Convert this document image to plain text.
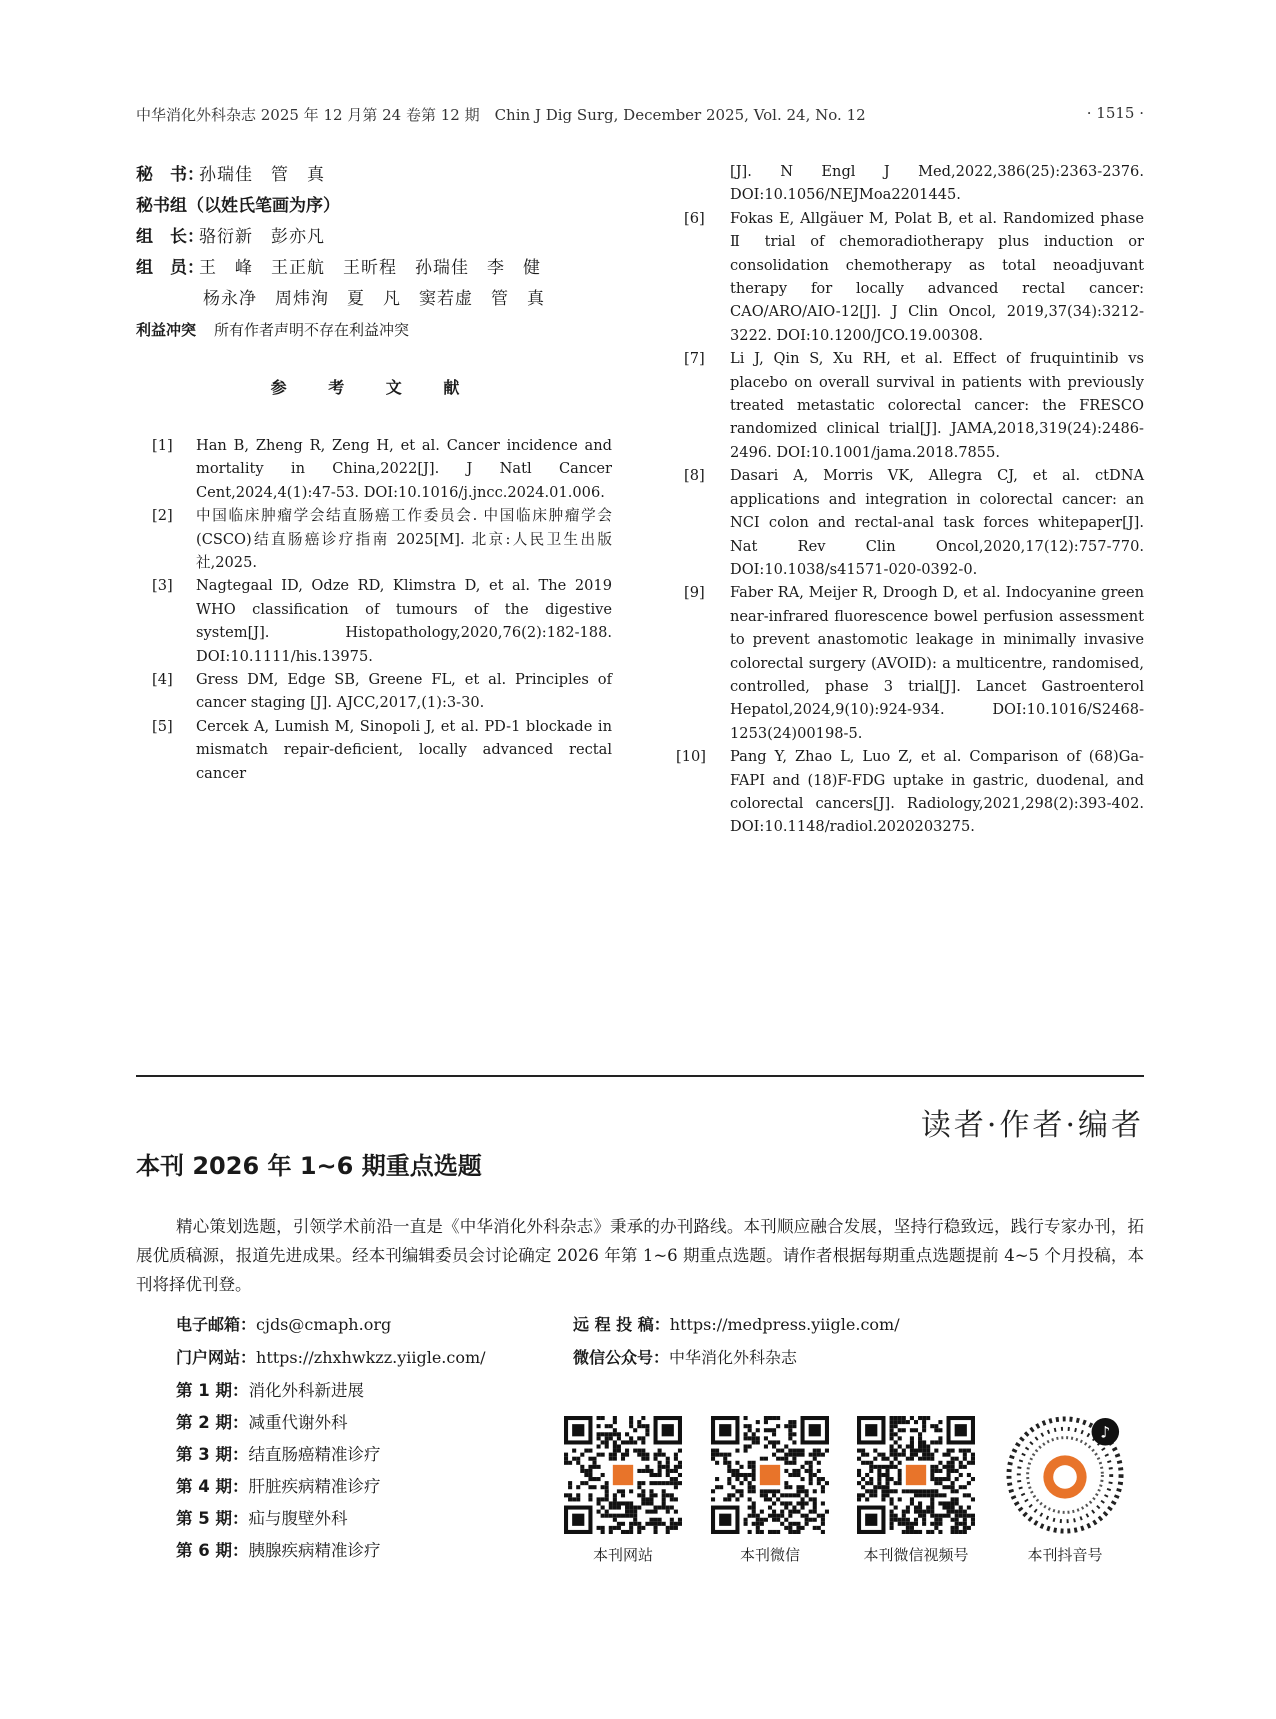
中华消化外科杂志 2025 年 12 月第 24 卷第 12 期　Chin J Dig Surg, December 2025, Vol. 24, No. 12	· 1515 ·
秘　书：孙瑞佳　管　真
秘书组（以姓氏笔画为序）
组　长：骆衍新　彭亦凡
组　员：王　峰　王正航　王昕程　孙瑞佳　李　健
杨永净　周炜洵　夏　凡　窦若虚　管　真
利益冲突 所有作者声明不存在利益冲突
参 考 文 献
[1] Han B, Zheng R, Zeng H, et al. Cancer incidence and mortality in China,2022[J]. J Natl Cancer Cent,2024,4(1):47-53. DOI:10.1016/j.jncc.2024.01.006.
[2] 中国临床肿瘤学会结直肠癌工作委员会. 中国临床肿瘤学会(CSCO)结直肠癌诊疗指南 2025[M]. 北京:人民卫生出版社,2025.
[3] Nagtegaal ID, Odze RD, Klimstra D, et al. The 2019 WHO classification of tumours of the digestive system[J]. Histopathology,2020,76(2):182-188. DOI:10.1111/his.13975.
[4] Gress DM, Edge SB, Greene FL, et al. Principles of cancer staging [J]. AJCC,2017,(1):3-30.
[5] Cercek A, Lumish M, Sinopoli J, et al. PD-1 blockade in mismatch repair-deficient, locally advanced rectal cancer
[J]. N Engl J Med,2022,386(25):2363-2376. DOI:10.1056/NEJMoa2201445.
[6] Fokas E, Allgäuer M, Polat B, et al. Randomized phase Ⅱ trial of chemoradiotherapy plus induction or consolidation chemotherapy as total neoadjuvant therapy for locally advanced rectal cancer: CAO/ARO/AIO-12[J]. J Clin Oncol, 2019,37(34):3212-3222. DOI:10.1200/JCO.19.00308.
[7] Li J, Qin S, Xu RH, et al. Effect of fruquintinib vs placebo on overall survival in patients with previously treated metastatic colorectal cancer: the FRESCO randomized clinical trial[J]. JAMA,2018,319(24):2486-2496. DOI:10.1001/jama.2018.7855.
[8] Dasari A, Morris VK, Allegra CJ, et al. ctDNA applications and integration in colorectal cancer: an NCI colon and rectal-anal task forces whitepaper[J]. Nat Rev Clin Oncol,2020,17(12):757-770. DOI:10.1038/s41571-020-0392-0.
[9] Faber RA, Meijer R, Droogh D, et al. Indocyanine green near-infrared fluorescence bowel perfusion assessment to prevent anastomotic leakage in minimally invasive colorectal surgery (AVOID): a multicentre, randomised, controlled, phase 3 trial[J]. Lancet Gastroenterol Hepatol,2024,9(10):924-934. DOI:10.1016/S2468-1253(24)00198-5.
[10] Pang Y, Zhao L, Luo Z, et al. Comparison of (68)Ga-FAPI and (18)F-FDG uptake in gastric, duodenal, and colorectal cancers[J]. Radiology,2021,298(2):393-402. DOI:10.1148/radiol.2020203275.
读者·作者·编者
本刊 2026 年 1~6 期重点选题
精心策划选题，引领学术前沿一直是《中华消化外科杂志》秉承的办刊路线。本刊顺应融合发展，坚持行稳致远，践行专家办刊，拓展优质稿源，报道先进成果。经本刊编辑委员会讨论确定 2026 年第 1~6 期重点选题。请作者根据每期重点选题提前 4~5 个月投稿，本刊将择优刊登。
电子邮箱：cjds@cmaph.org
门户网站：https://zhxhwkzz.yiigle.com/
远 程 投 稿：https://medpress.yiigle.com/
微信公众号：中华消化外科杂志
第 1 期：消化外科新进展
第 2 期：减重代谢外科
第 3 期：结直肠癌精准诊疗
第 4 期：肝脏疾病精准诊疗
第 5 期：疝与腹壁外科
第 6 期：胰腺疾病精准诊疗	本刊网站	本刊微信	本刊微信视频号
♪
本刊抖音号
